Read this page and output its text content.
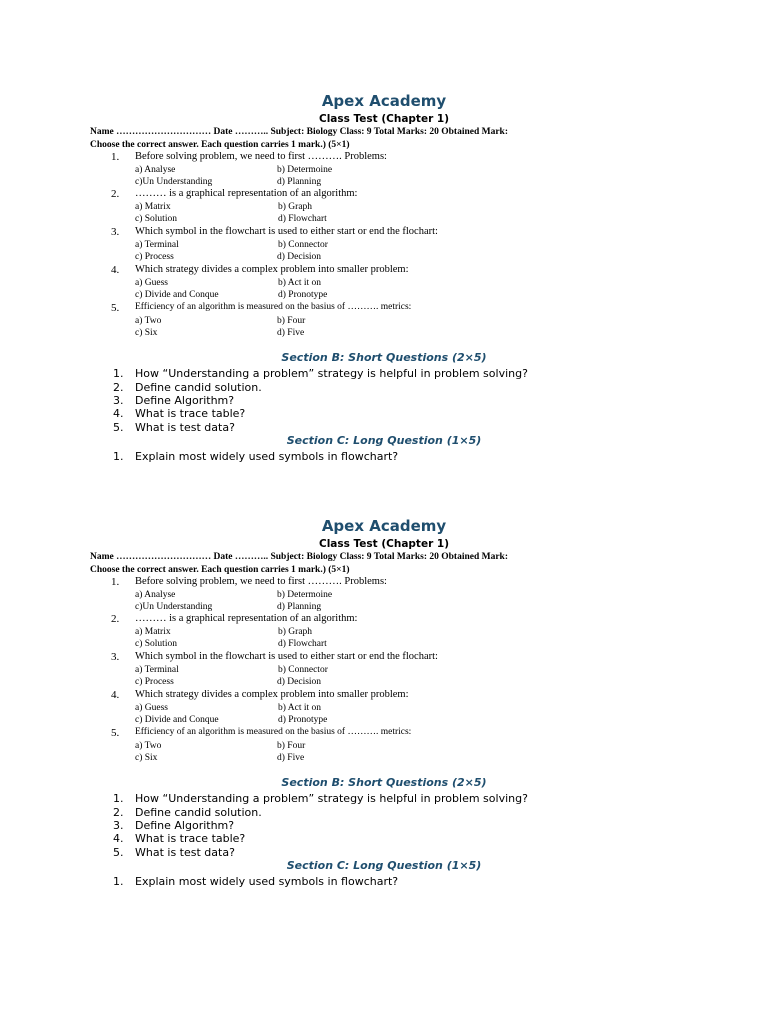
Apex Academy
Class Test (Chapter 1)
Name ………………………… Date ……….. Subject: Biology Class: 9 Total Marks: 20 Obtained Mark:
Choose the correct answer. Each question carries 1 mark.) (5×1)
1. Before solving problem, we need to first ………. Problems:
a) Analyse	b) Determoine
c)Un Understanding	d) Planning
2. ……… is a graphical representation of an algorithm:
a) Matrix	b) Graph
c) Solution	d) Flowchart
3. Which symbol in the flowchart is used to either start or end the flochart:
a) Terminal	b) Connector
c) Process	d) Decision
4. Which strategy divides a complex problem into smaller problem:
a) Guess	b) Act it on
c) Divide and Conque	d) Pronotype
5. Efficiency of an algorithm is measured on the basius of ………. metrics:
a) Two	b) Four
c) Six	d) Five
Section B: Short Questions (2×5)
1. How “Understanding a problem” strategy is helpful in problem solving?
2. Define candid solution.
3. Define Algorithm?
4. What is trace table?
5. What is test data?
Section C: Long Question (1×5)
1. Explain most widely used symbols in flowchart?
Apex Academy
Class Test (Chapter 1)
Name ………………………… Date ……….. Subject: Biology Class: 9 Total Marks: 20 Obtained Mark:
Choose the correct answer. Each question carries 1 mark.) (5×1)
1. Before solving problem, we need to first ………. Problems:
a) Analyse	b) Determoine
c)Un Understanding	d) Planning
2. ……… is a graphical representation of an algorithm:
a) Matrix	b) Graph
c) Solution	d) Flowchart
3. Which symbol in the flowchart is used to either start or end the flochart:
a) Terminal	b) Connector
c) Process	d) Decision
4. Which strategy divides a complex problem into smaller problem:
a) Guess	b) Act it on
c) Divide and Conque	d) Pronotype
5. Efficiency of an algorithm is measured on the basius of ………. metrics:
a) Two	b) Four
c) Six	d) Five
Section B: Short Questions (2×5)
1. How “Understanding a problem” strategy is helpful in problem solving?
2. Define candid solution.
3. Define Algorithm?
4. What is trace table?
5. What is test data?
Section C: Long Question (1×5)
1. Explain most widely used symbols in flowchart?
